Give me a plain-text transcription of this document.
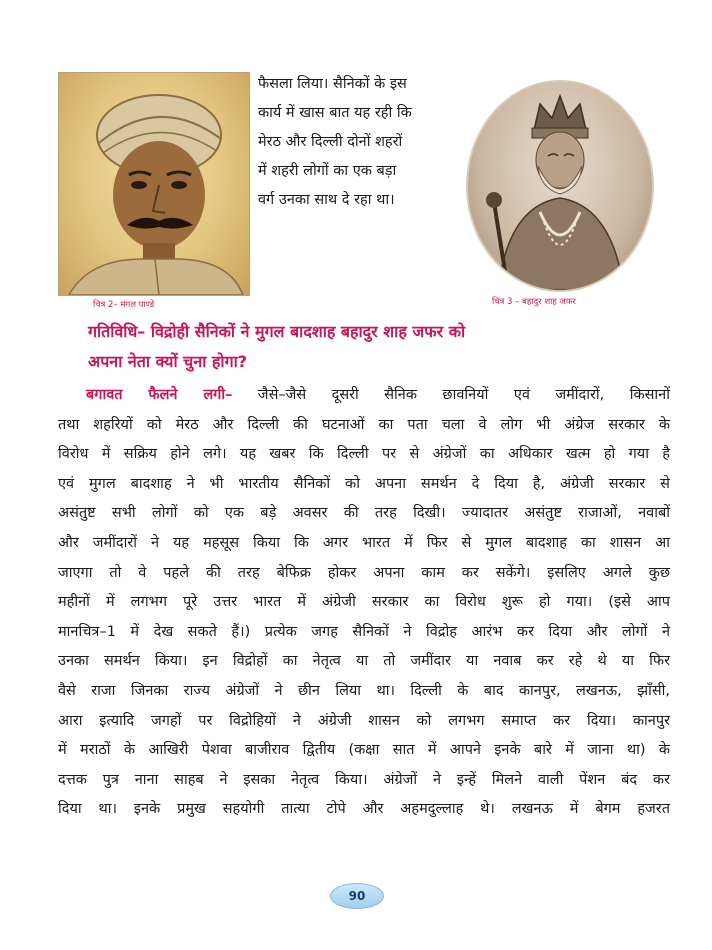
चित्र 2– मंगल पाण्डे
फैसला लिया। सैनिकों के इस
कार्य में खास बात यह रही कि
मेरठ और दिल्ली दोनों शहरों
में शहरी लोगों का एक बड़ा
वर्ग उनका साथ दे रहा था।
चित्र 3 – बहादुर शाह जफर
गतिविधि– विद्रोही सैनिकों ने मुगल बादशाह बहादुर शाह जफर को
अपना नेता क्यों चुना होगा?
बगावत फैलने लगी– जैसे–जैसे दूसरी सैनिक छावनियों एवं जमींदारों, किसानों
तथा शहरियों को मेरठ और दिल्ली की घटनाओं का पता चला वे लोग भी अंग्रेज सरकार के
विरोध में सक्रिय होने लगे। यह खबर कि दिल्ली पर से अंग्रेजों का अधिकार खत्म हो गया है
एवं मुगल बादशाह ने भी भारतीय सैनिकों को अपना समर्थन दे दिया है, अंग्रेजी सरकार से
असंतुष्ट सभी लोगों को एक बड़े अवसर की तरह दिखी। ज्यादातर असंतुष्ट राजाओं, नवाबों
और जमींदारों ने यह महसूस किया कि अगर भारत में फिर से मुगल बादशाह का शासन आ
जाएगा तो वे पहले की तरह बेफिक्र होकर अपना काम कर सकेंगे। इसलिए अगले कुछ
महीनों में लगभग पूरे उत्तर भारत में अंग्रेजी सरकार का विरोध शुरू हो गया। (इसे आप
मानचित्र–1 में देख सकते हैं।) प्रत्येक जगह सैनिकों ने विद्रोह आरंभ कर दिया और लोगों ने
उनका समर्थन किया। इन विद्रोहों का नेतृत्व या तो जमींदार या नवाब कर रहे थे या फिर
वैसे राजा जिनका राज्य अंग्रेजों ने छीन लिया था। दिल्ली के बाद कानपुर, लखनऊ, झाँसी,
आरा इत्यादि जगहों पर विद्रोहियों ने अंग्रेजी शासन को लगभग समाप्त कर दिया। कानपुर
में मराठों के आखिरी पेशवा बाजीराव द्वितीय (कक्षा सात में आपने इनके बारे में जाना था) के
दत्तक पुत्र नाना साहब ने इसका नेतृत्व किया। अंग्रेजों ने इन्हें मिलने वाली पेंशन बंद कर
दिया था। इनके प्रमुख सहयोगी तात्या टोपे और अहमदुल्लाह थे। लखनऊ में बेगम हजरत
90
